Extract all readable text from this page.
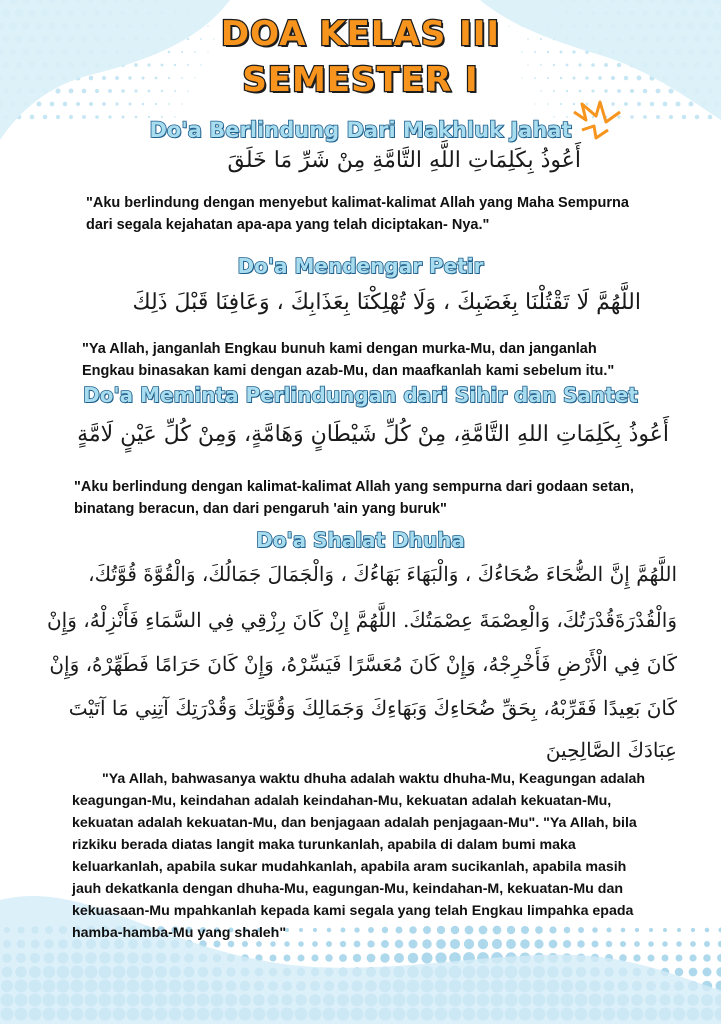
DOA KELAS III
SEMESTER I
Do'a Berlindung Dari Makhluk Jahat
أَعُوذُ بِكَلِمَاتِ اللَّهِ التَّامَّةِ مِنْ شَرِّ مَا خَلَقَ
"Aku berlindung dengan menyebut kalimat-kalimat Allah yang Maha Sempurna dari segala kejahatan apa-apa yang telah diciptakan- Nya."
Do'a Mendengar Petir
اللَّهُمَّ لَا تَقْتُلْنَا بِغَضَبِكَ ، وَلَا تُهْلِكْنَا بِعَذَابِكَ ، وَعَافِنَا قَبْلَ ذَلِكَ
"Ya Allah, janganlah Engkau bunuh kami dengan murka-Mu, dan janganlah Engkau binasakan kami dengan azab-Mu, dan maafkanlah kami sebelum itu."
Do'a Meminta Perlindungan dari Sihir dan Santet
أَعُوذُ بِكَلِمَاتِ اللهِ التَّامَّةِ، مِنْ كُلِّ شَيْطَانٍ وَهَامَّةٍ، وَمِنْ كُلِّ عَيْنٍ لَامَّةٍ
"Aku berlindung dengan kalimat-kalimat Allah yang sempurna dari godaan setan, binatang beracun, dan dari pengaruh 'ain yang buruk"
Do'a Shalat Dhuha
اللَّهُمَّ إِنَّ الضُّحَاءَ ضُحَاءُكَ ، وَالْبَهَاءَ بَهَاءُكَ ، وَالْجَمَالَ جَمَالُكَ، وَالْقُوَّةَ قُوَّتُكَ،
وَالْقُدْرَةَقُدْرَتُكَ، وَالْعِصْمَةَ عِصْمَتُكَ. اللَّهُمَّ إِنْ كَانَ رِزْقِي فِي السَّمَاءِ فَأَنْزِلْهُ، وَإِنْ
كَانَ فِي الْأَرْضِ فَأَخْرِجْهُ، وَإِنْ كَانَ مُعَسَّرًا فَيَسِّرْهُ، وَإِنْ كَانَ حَرَامًا فَطَهِّرْهُ، وَإِنْ
كَانَ بَعِيدًا فَقَرِّبْهُ، بِحَقِّ ضُحَاءِكَ وَبَهَاءِكَ وَجَمَالِكَ وَقُوَّتِكَ وَقُدْرَتِكَ آتِنِي مَا آتَيْتَ
عِبَادَكَ الصَّالِحِينَ
"Ya Allah, bahwasanya waktu dhuha adalah waktu dhuha-Mu, Keagungan adalah keagungan-Mu, keindahan adalah keindahan-Mu, kekuatan adalah kekuatan-Mu, kekuatan adalah kekuatan-Mu, dan benjagaan adalah penjagaan-Mu". "Ya Allah, bila rizkiku berada diatas langit maka turunkanlah, apabila di dalam bumi maka keluarkanlah, apabila sukar mudahkanlah, apabila aram sucikanlah, apabila masih jauh dekatkanla dengan dhuha-Mu, eagungan-Mu, keindahan-M, kekuatan-Mu dan kekuasaan-Mu mpahkanlah kepada kami segala yang telah Engkau limpahka epada hamba-hamba-Mu yang shaleh"
